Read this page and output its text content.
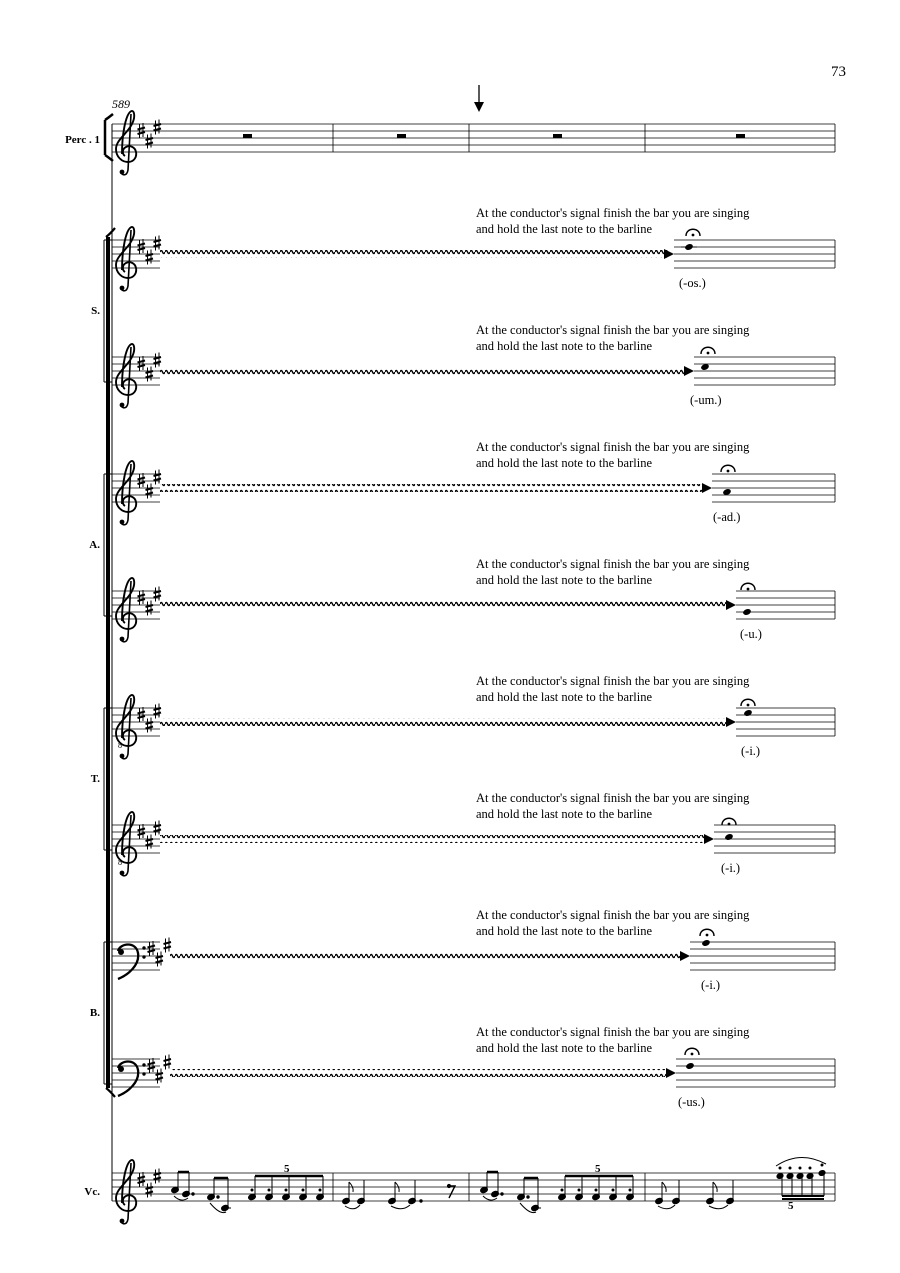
73
589
Perc . 1
S.
A.
T.
B.
Vc.
At the conductor's signal finish the bar you are singing
and hold the last note to the barline
At the conductor's signal finish the bar you are singing
and hold the last note to the barline
At the conductor's signal finish the bar you are singing
and hold the last note to the barline
At the conductor's signal finish the bar you are singing
and hold the last note to the barline
At the conductor's signal finish the bar you are singing
and hold the last note to the barline
At the conductor's signal finish the bar you are singing
and hold the last note to the barline
At the conductor's signal finish the bar you are singing
and hold the last note to the barline
At the conductor's signal finish the bar you are singing
and hold the last note to the barline
(-os.)
(-um.)
(-ad.)
(-u.)
(-i.)
(-i.)
(-i.)
(-us.)
5	5
5
8
8
